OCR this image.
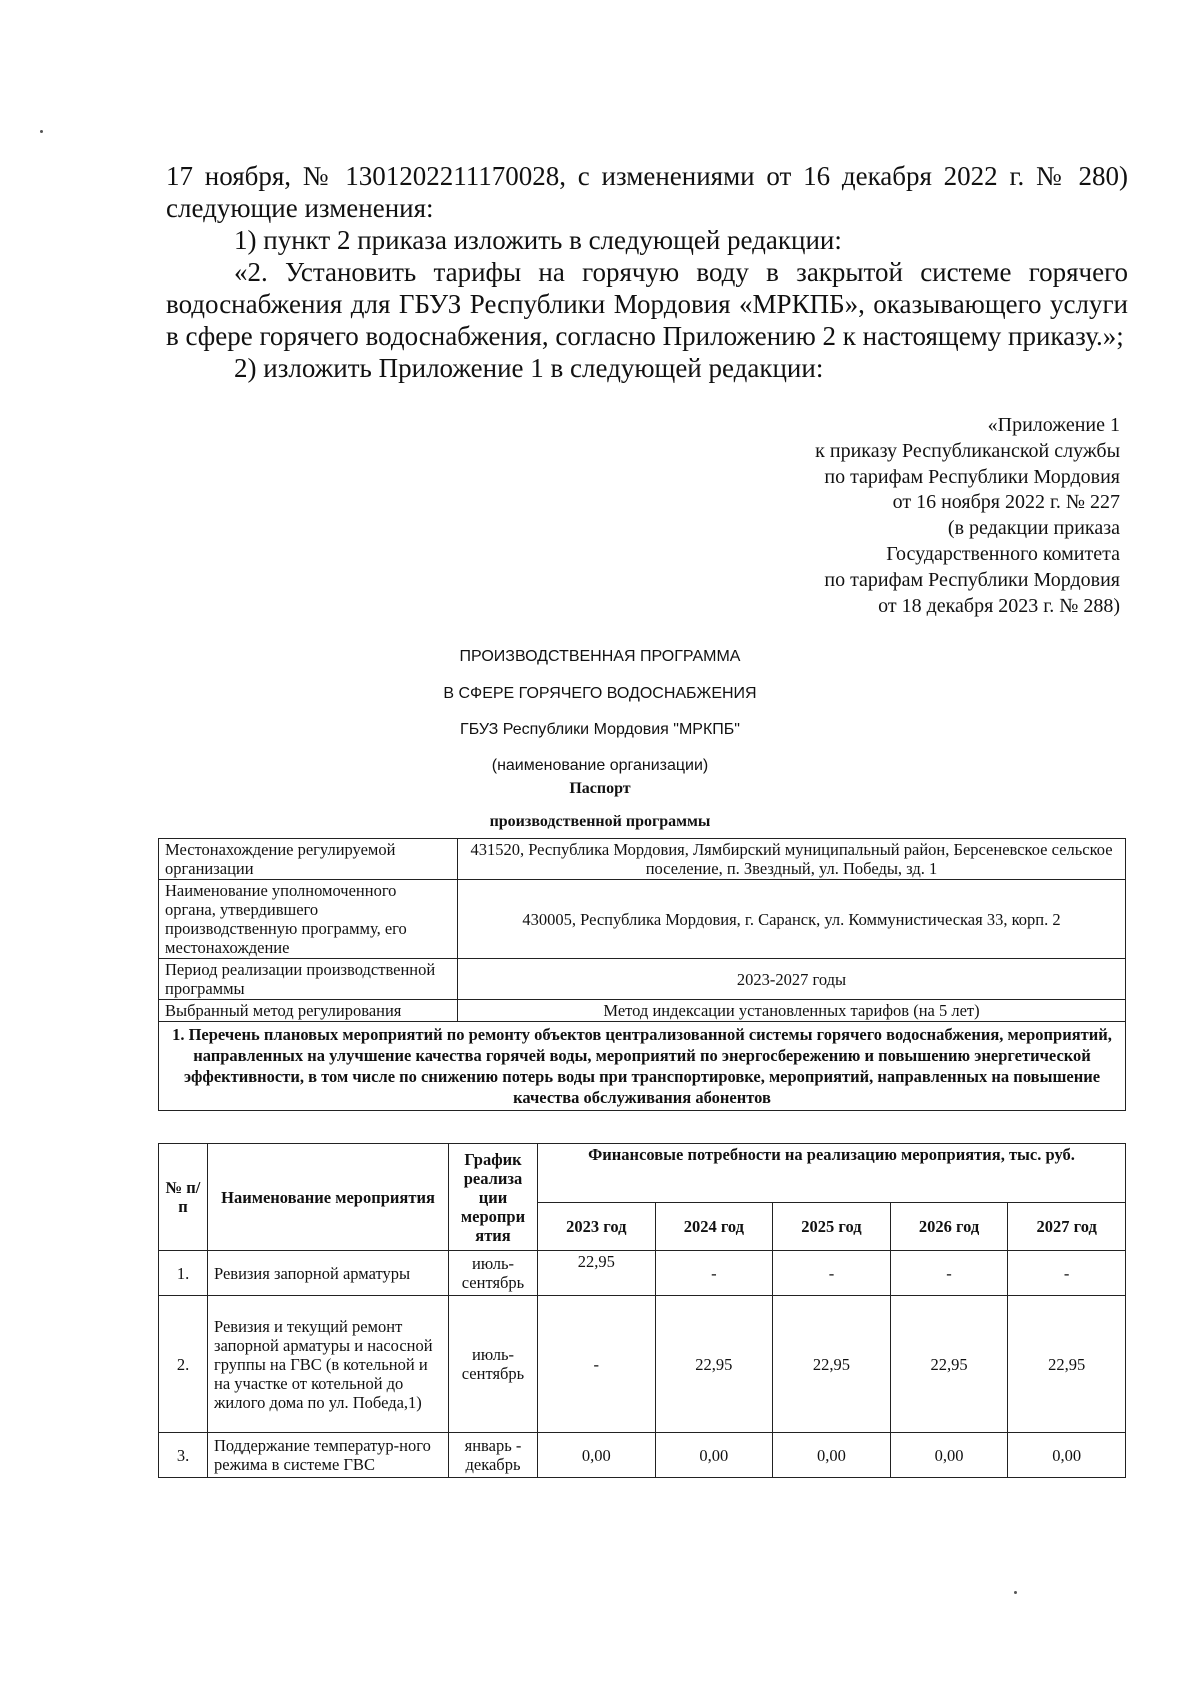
17 ноября, № 1301202211170028, с изменениями от 16 декабря 2022 г. № 280) следующие изменения:

1) пункт 2 приказа изложить в следующей редакции:

«2. Установить тарифы на горячую воду в закрытой системе горячего водоснабжения для ГБУЗ Республики Мордовия «МРКПБ», оказывающего услуги в сфере горячего водоснабжения, согласно Приложению 2 к настоящему приказу.»;

2) изложить Приложение 1 в следующей редакции:

«Приложение 1
к приказу Республиканской службы
по тарифам Республики Мордовия
от 16 ноября 2022 г. № 227
(в редакции приказа
Государственного комитета
по тарифам Республики Мордовия
от 18 декабря 2023 г. № 288)
ПРОИЗВОДСТВЕННАЯ ПРОГРАММА
В СФЕРЕ ГОРЯЧЕГО ВОДОСНАБЖЕНИЯ
ГБУЗ Республики Мордовия "МРКПБ"
(наименование организации)
Паспорт
производственной программы
Местонахождение регулируемой организации	431520, Республика Мордовия, Лямбирский муниципальный район, Берсеневское сельское поселение, п. Звездный, ул. Победы, зд. 1
Наименование уполномоченного органа, утвердившего производственную программу, его местонахождение	430005, Республика Мордовия, г. Саранск, ул. Коммунистическая 33, корп. 2
Период реализации производственной программы	2023-2027 годы
Выбранный метод регулирования	Метод индексации установленных тарифов (на 5 лет)
1. Перечень плановых мероприятий по ремонту объектов централизованной системы горячего водоснабжения, мероприятий, направленных на улучшение качества горячей воды, мероприятий по энергосбережению и повышению энергетической эффективности, в том числе по снижению потерь воды при транспортировке, мероприятий, направленных на повышение качества обслуживания абонентов	
№ п/п	Наименование мероприятия	График реализа ции меропри ятия	Финансовые потребности на реализацию мероприятия, тыс. руб.				
			2023 год	2024 год	2025 год	2026 год	2027 год
1.	Ревизия запорной арматуры	июль-сентябрь	22,95	-	-	-	-
2.	Ревизия и текущий ремонт запорной арматуры и насосной группы на ГВС (в котельной и на участке от котельной до жилого дома по ул. Победа,1)	июль-сентябрь	-	22,95	22,95	22,95	22,95
3.	Поддержание температур-ного режима в системе ГВС	январь - декабрь	0,00	0,00	0,00	0,00	0,00
